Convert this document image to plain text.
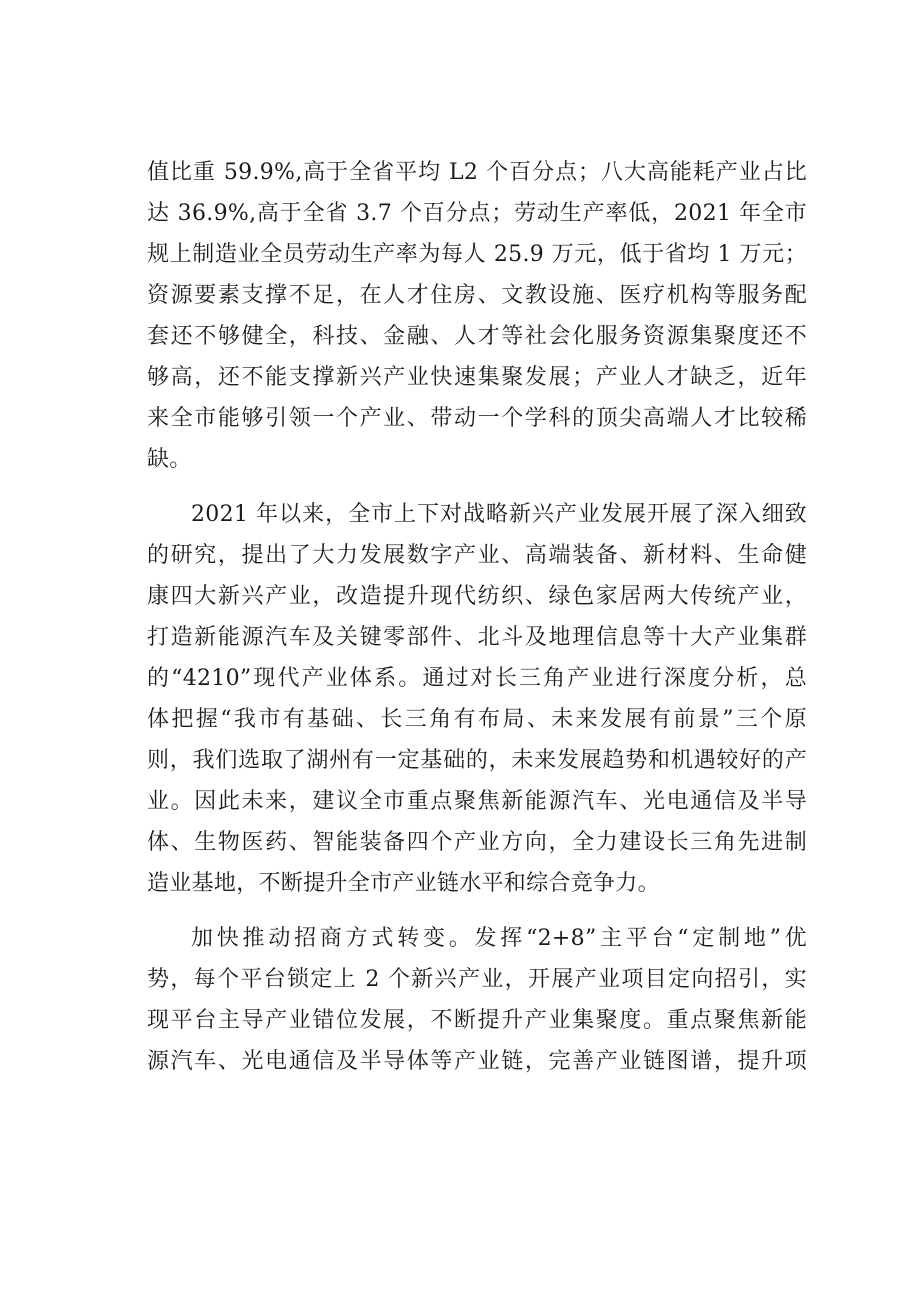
值比重 59.9%,高于全省平均 L2 个百分点；八大高能耗产业占比
达 36.9%,高于全省 3.7 个百分点；劳动生产率低，2021 年全市
规上制造业全员劳动生产率为每人 25.9 万元，低于省均 1 万元；
资源要素支撑不足，在人才住房、文教设施、医疗机构等服务配
套还不够健全，科技、金融、人才等社会化服务资源集聚度还不
够高，还不能支撑新兴产业快速集聚发展；产业人才缺乏，近年
来全市能够引领一个产业、带动一个学科的顶尖高端人才比较稀
缺。
2021 年以来，全市上下对战略新兴产业发展开展了深入细致
的研究，提出了大力发展数字产业、高端装备、新材料、生命健
康四大新兴产业，改造提升现代纺织、绿色家居两大传统产业，
打造新能源汽车及关键零部件、北斗及地理信息等十大产业集群
的“4210”现代产业体系。通过对长三角产业进行深度分析，总
体把握“我市有基础、长三角有布局、未来发展有前景”三个原
则，我们选取了湖州有一定基础的，未来发展趋势和机遇较好的产
业。因此未来，建议全市重点聚焦新能源汽车、光电通信及半导
体、生物医药、智能装备四个产业方向，全力建设长三角先进制
造业基地，不断提升全市产业链水平和综合竞争力。
加快推动招商方式转变。发挥“2+8”主平台“定制地”优
势，每个平台锁定上 2 个新兴产业，开展产业项目定向招引，实
现平台主导产业错位发展，不断提升产业集聚度。重点聚焦新能
源汽车、光电通信及半导体等产业链，完善产业链图谱，提升项
